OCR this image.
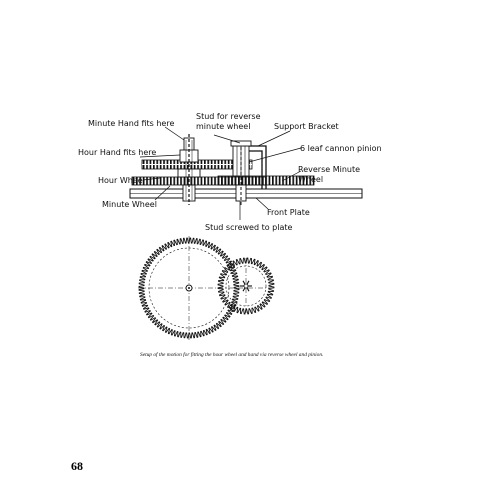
Minute Hand fits here
Stud for reverse
minute wheel	Support Bracket
Hour Hand fits here	6 leaf cannon pinion
Reverse Minute
Wheel
Hour Wheel
Minute Wheel
Front Plate
Stud screwed to plate
Setup of the motion for fitting the hour wheel and hand via reverse wheel and pinion.
68
